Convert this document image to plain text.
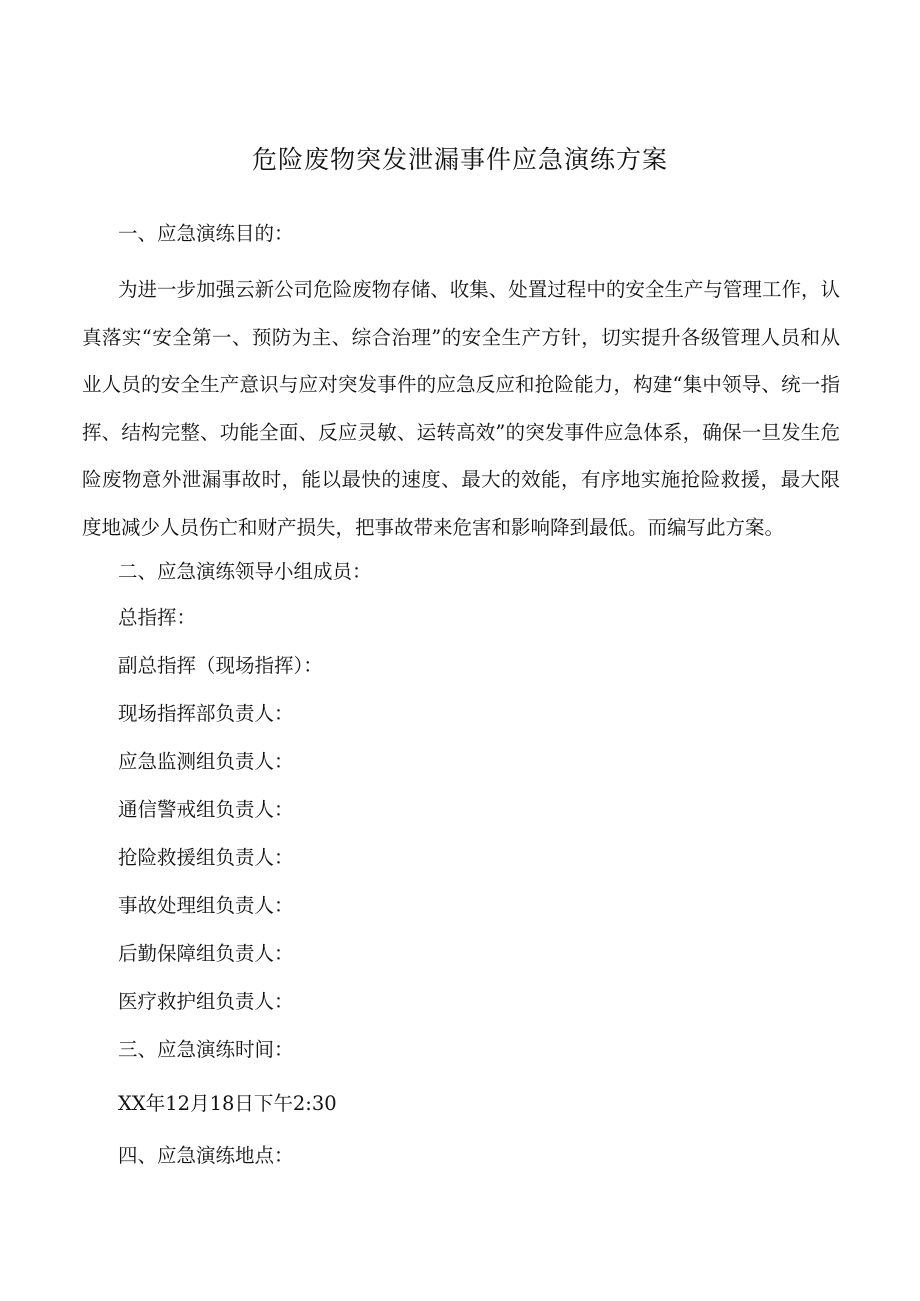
危险废物突发泄漏事件应急演练方案

一、应急演练目的：

为进一步加强云新公司危险废物存储、收集、处置过程中的安全生产与管理工作，认真落实“安全第一、预防为主、综合治理”的安全生产方针，切实提升各级管理人员和从业人员的安全生产意识与应对突发事件的应急反应和抢险能力，构建“集中领导、统一指挥、结构完整、功能全面、反应灵敏、运转高效”的突发事件应急体系，确保一旦发生危险废物意外泄漏事故时，能以最快的速度、最大的效能，有序地实施抢险救援，最大限度地减少人员伤亡和财产损失，把事故带来危害和影响降到最低。而编写此方案。

二、应急演练领导小组成员：

总指挥：

副总指挥（现场指挥）：

现场指挥部负责人：

应急监测组负责人：

通信警戒组负责人：

抢险救援组负责人：

事故处理组负责人：

后勤保障组负责人：

医疗救护组负责人：

三、应急演练时间：

XX年12月18日下午2:30

四、应急演练地点：
